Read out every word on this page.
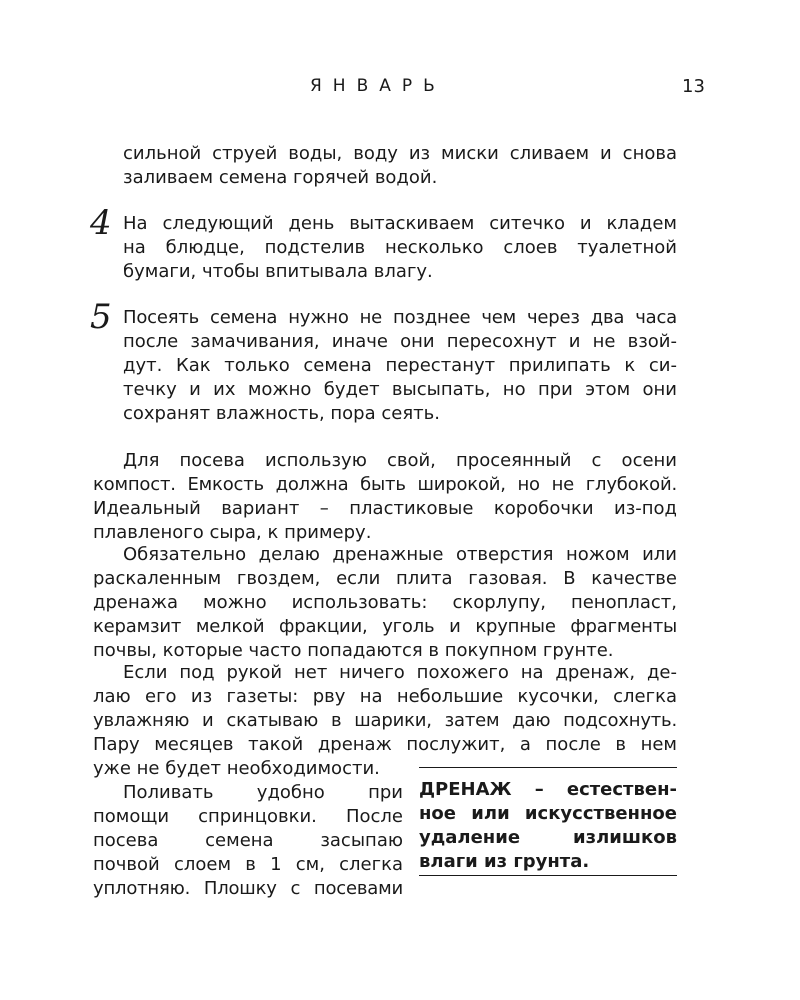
ЯНВАРЬ	13
сильной струей воды, воду из миски сливаем и снова
заливаем семена горячей водой.
4 На следующий день вытаскиваем ситечко и кладем
на блюдце, подстелив несколько слоев туалетной
бумаги, чтобы впитывала влагу.
5 Посеять семена нужно не позднее чем через два часа
после замачивания, иначе они пересохнут и не взой-
дут. Как только семена перестанут прилипать к си-
течку и их можно будет высыпать, но при этом они
сохранят влажность, пора сеять.
Для посева использую свой, просеянный с осени
компост. Емкость должна быть широкой, но не глубокой.
Идеальный вариант – пластиковые коробочки из-под
плавленого сыра, к примеру.
Обязательно делаю дренажные отверстия ножом или
раскаленным гвоздем, если плита газовая. В качестве
дренажа можно использовать: скорлупу, пенопласт,
керамзит мелкой фракции, уголь и крупные фрагменты
почвы, которые часто попадаются в покупном грунте.
Если под рукой нет ничего похожего на дренаж, де-
лаю его из газеты: рву на небольшие кусочки, слегка
увлажняю и скатываю в шарики, затем даю подсохнуть.
Пару месяцев такой дренаж послужит, а после в нем
уже не будет необходимости.
Поливать удобно при
помощи спринцовки. После
посева семена засыпаю
почвой слоем в 1 см, слегка
уплотняю. Плошку с посевами
ДРЕНАЖ – естествен-
ное или искусственное
удаление излишков
влаги из грунта.
